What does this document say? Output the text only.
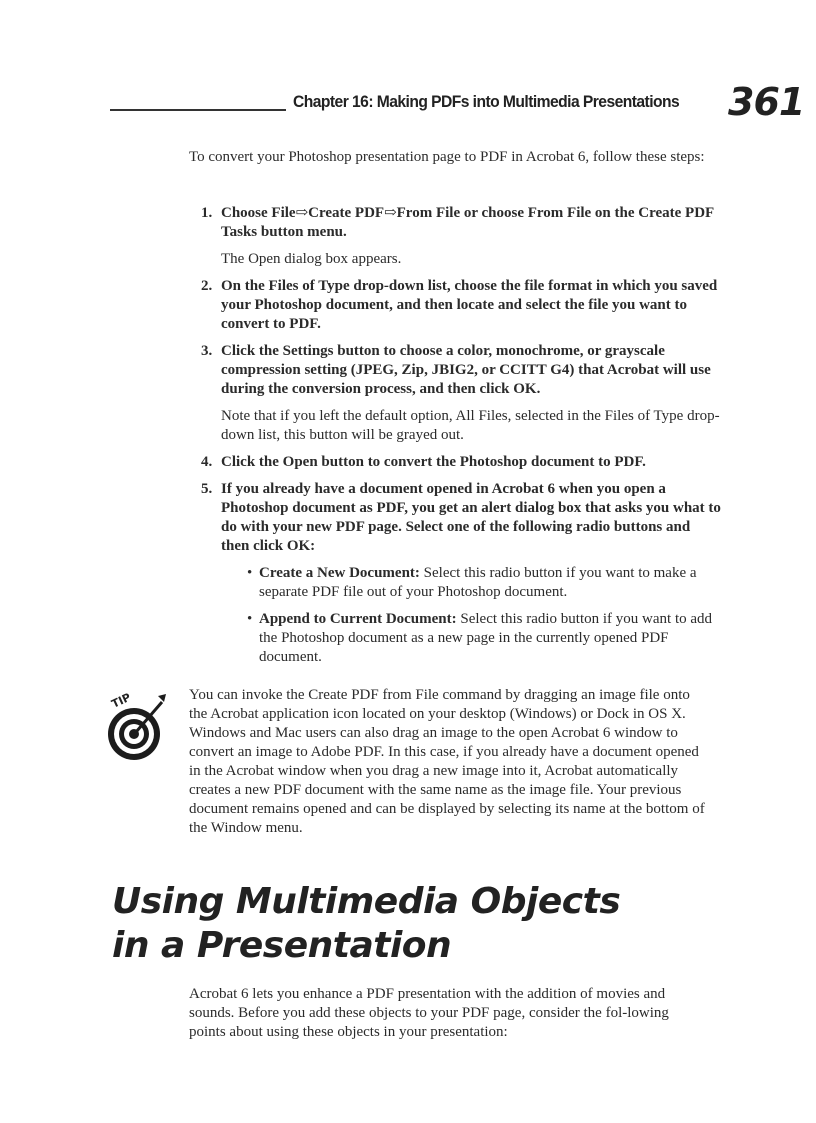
Chapter 16: Making PDFs into Multimedia Presentations 361

To convert your Photoshop presentation page to PDF in Acrobat 6, follow these steps:

1. Choose File⇨Create PDF⇨From File or choose From File on the Create PDF Tasks button menu.
The Open dialog box appears.
2. On the Files of Type drop-down list, choose the file format in which you saved your Photoshop document, and then locate and select the file you want to convert to PDF.
3. Click the Settings button to choose a color, monochrome, or grayscale compression setting (JPEG, Zip, JBIG2, or CCITT G4) that Acrobat will use during the conversion process, and then click OK.
Note that if you left the default option, All Files, selected in the Files of Type drop-down list, this button will be grayed out.
4. Click the Open button to convert the Photoshop document to PDF.
5. If you already have a document opened in Acrobat 6 when you open a Photoshop document as PDF, you get an alert dialog box that asks you what to do with your new PDF page. Select one of the following radio buttons and then click OK:
• Create a New Document: Select this radio button if you want to make a separate PDF file out of your Photoshop document.
• Append to Current Document: Select this radio button if you want to add the Photoshop document as a new page in the currently opened PDF document.
TIP	You can invoke the Create PDF from File command by dragging an image file onto the Acrobat application icon located on your desktop (Windows) or Dock in OS X. Windows and Mac users can also drag an image to the open Acrobat 6 window to convert an image to Adobe PDF. In this case, if you already have a document opened in the Acrobat window when you drag a new image into it, Acrobat automatically creates a new PDF document with the same name as the image file. Your previous document remains opened and can be displayed by selecting its name at the bottom of the Window menu.

Using Multimedia Objects
in a Presentation

Acrobat 6 lets you enhance a PDF presentation with the addition of movies and sounds. Before you add these objects to your PDF page, consider the fol-lowing points about using these objects in your presentation:
